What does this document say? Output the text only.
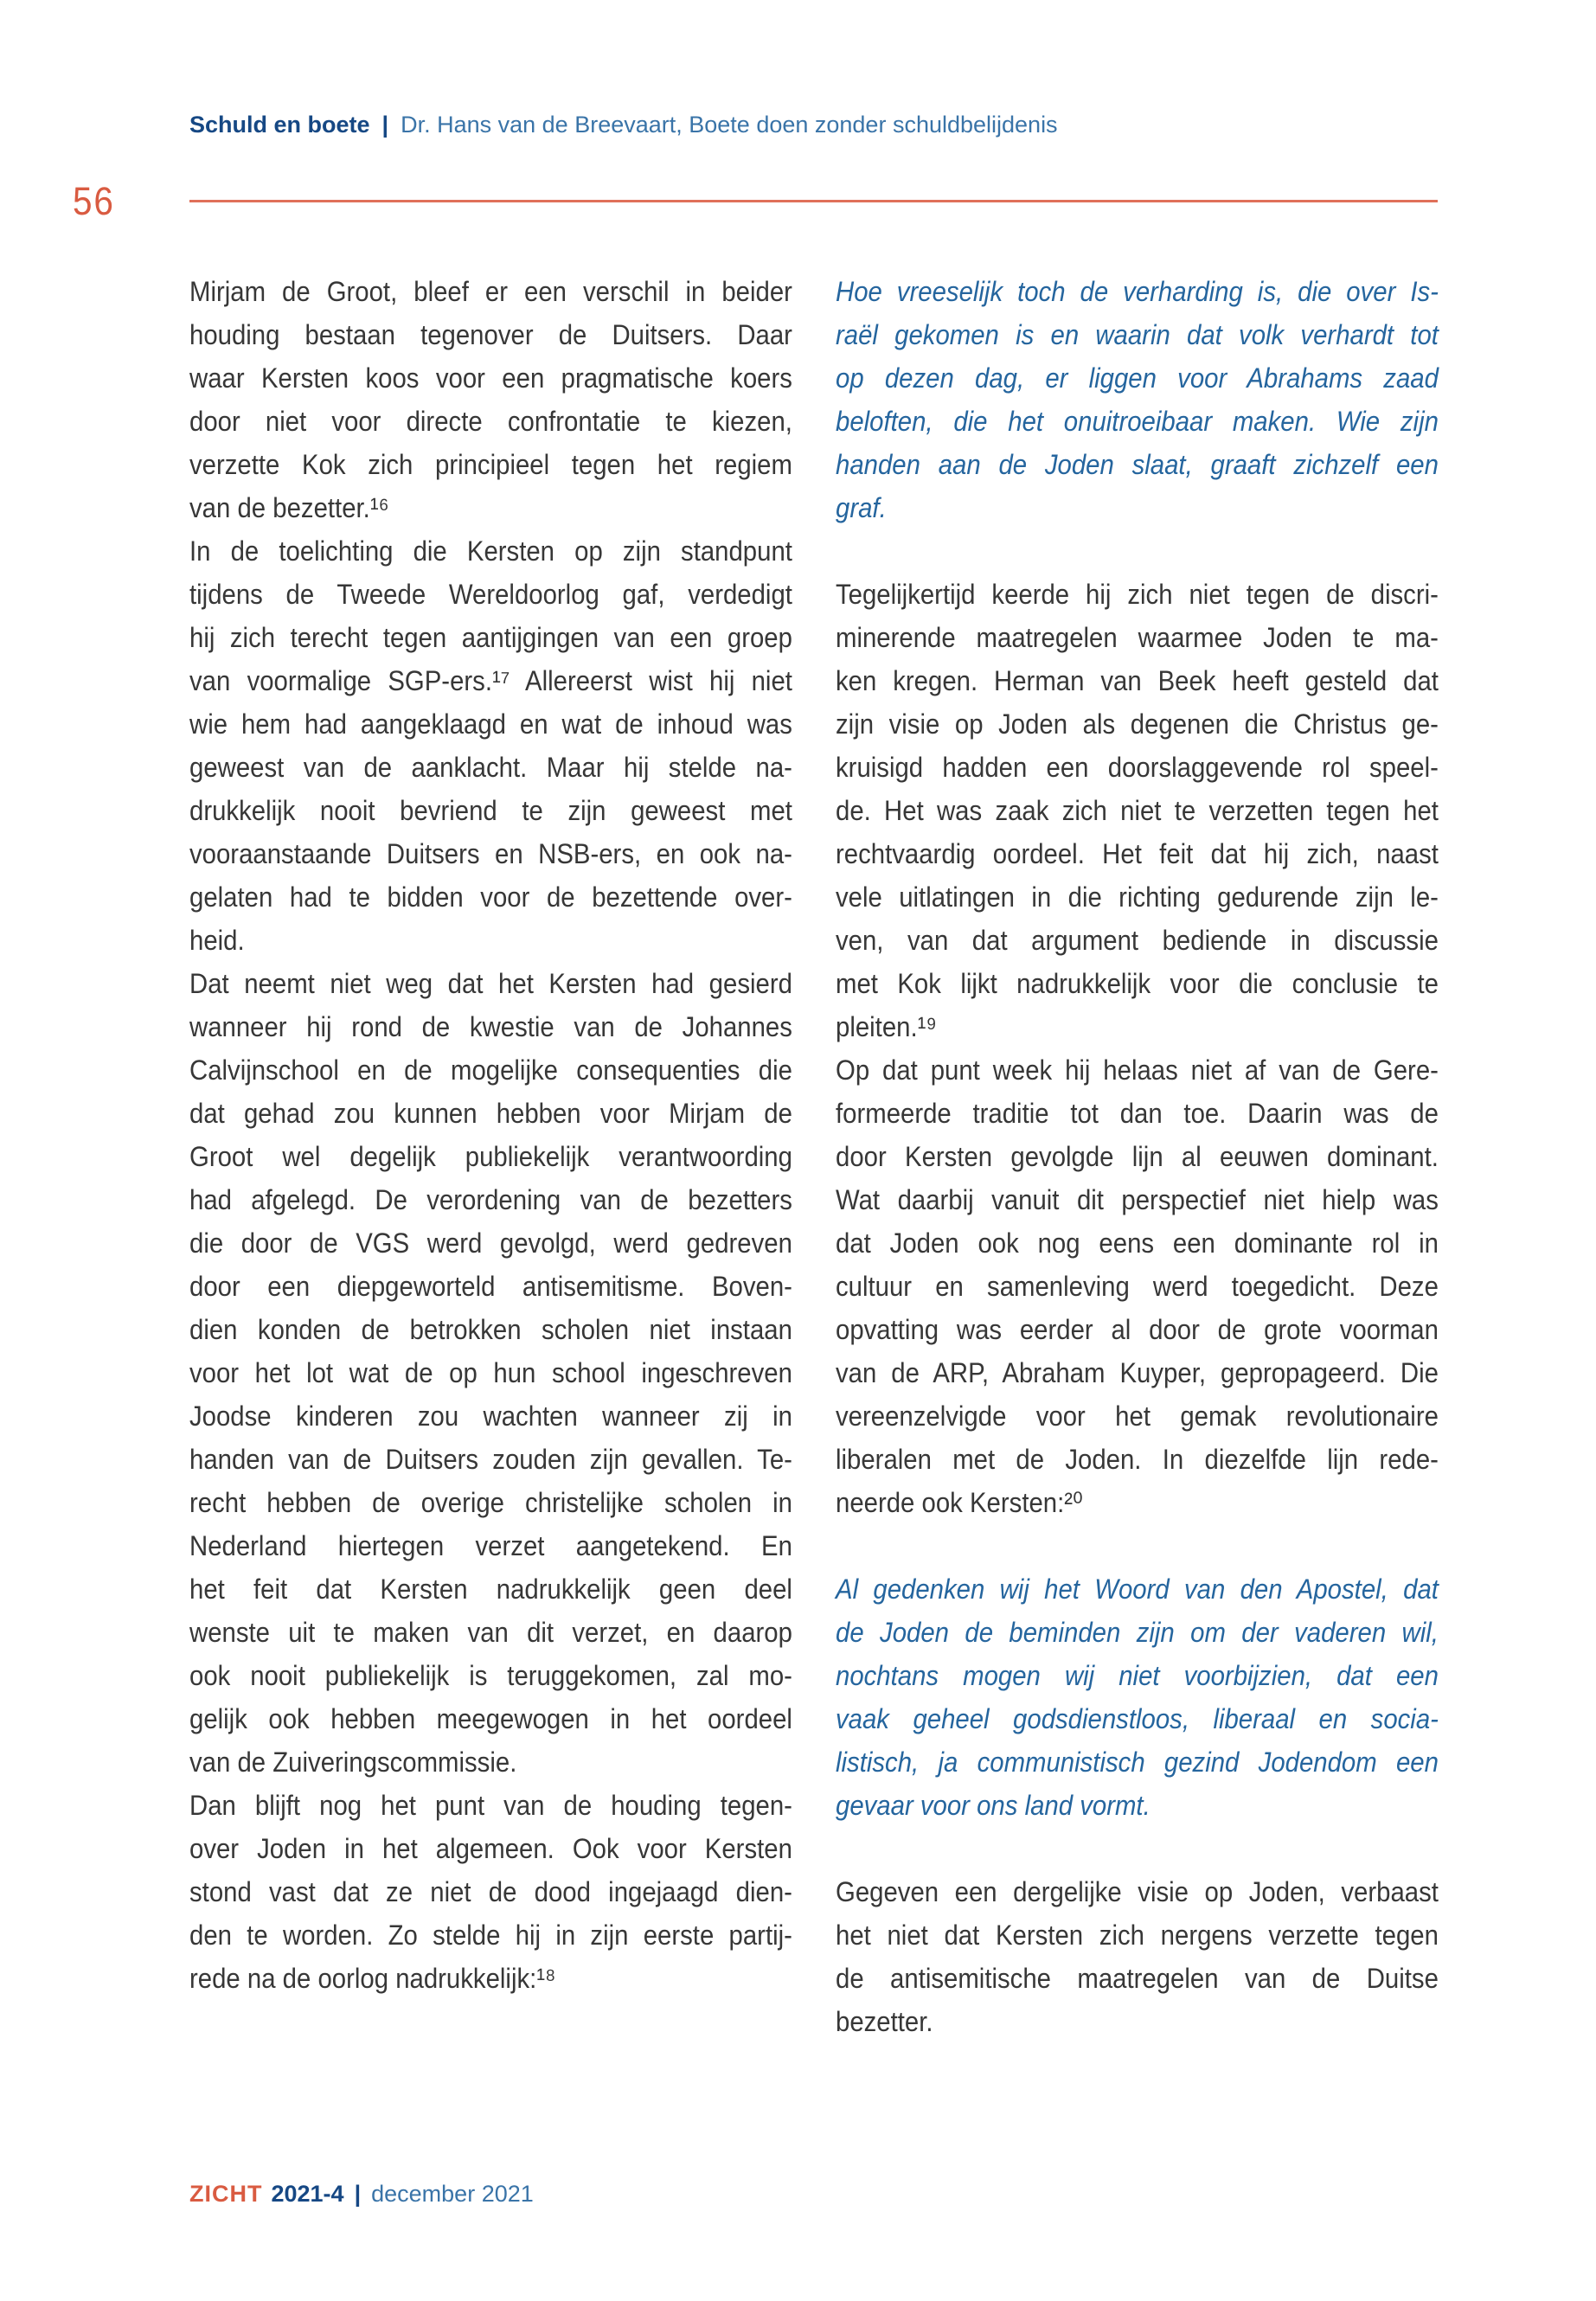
Schuld en boete | Dr. Hans van de Breevaart, Boete doen zonder schuldbelijdenis
56
Mirjam de Groot, bleef er een verschil in beider
houding bestaan tegenover de Duitsers. Daar
waar Kersten koos voor een pragmatische koers
door niet voor directe confrontatie te kiezen,
verzette Kok zich principieel tegen het regiem
van de bezetter.¹⁶
In de toelichting die Kersten op zijn standpunt
tijdens de Tweede Wereldoorlog gaf, verdedigt
hij zich terecht tegen aantijgingen van een groep
van voormalige SGP-ers.¹⁷ Allereerst wist hij niet
wie hem had aangeklaagd en wat de inhoud was
geweest van de aanklacht. Maar hij stelde na-
drukkelijk nooit bevriend te zijn geweest met
vooraanstaande Duitsers en NSB-ers, en ook na-
gelaten had te bidden voor de bezettende over-
heid.
Dat neemt niet weg dat het Kersten had gesierd
wanneer hij rond de kwestie van de Johannes
Calvijnschool en de mogelijke consequenties die
dat gehad zou kunnen hebben voor Mirjam de
Groot wel degelijk publiekelijk verantwoording
had afgelegd. De verordening van de bezetters
die door de VGS werd gevolgd, werd gedreven
door een diepgeworteld antisemitisme. Boven-
dien konden de betrokken scholen niet instaan
voor het lot wat de op hun school ingeschreven
Joodse kinderen zou wachten wanneer zij in
handen van de Duitsers zouden zijn gevallen. Te-
recht hebben de overige christelijke scholen in
Nederland hiertegen verzet aangetekend. En
het feit dat Kersten nadrukkelijk geen deel
wenste uit te maken van dit verzet, en daarop
ook nooit publiekelijk is teruggekomen, zal mo-
gelijk ook hebben meegewogen in het oordeel
van de Zuiveringscommissie.
Dan blijft nog het punt van de houding tegen-
over Joden in het algemeen. Ook voor Kersten
stond vast dat ze niet de dood ingejaagd dien-
den te worden. Zo stelde hij in zijn eerste partij-
rede na de oorlog nadrukkelijk:¹⁸
Hoe vreeselijk toch de verharding is, die over Is-
raël gekomen is en waarin dat volk verhardt tot
op dezen dag, er liggen voor Abrahams zaad
beloften, die het onuitroeibaar maken. Wie zijn
handen aan de Joden slaat, graaft zichzelf een
graf.
Tegelijkertijd keerde hij zich niet tegen de discri-
minerende maatregelen waarmee Joden te ma-
ken kregen. Herman van Beek heeft gesteld dat
zijn visie op Joden als degenen die Christus ge-
kruisigd hadden een doorslaggevende rol speel-
de. Het was zaak zich niet te verzetten tegen het
rechtvaardig oordeel. Het feit dat hij zich, naast
vele uitlatingen in die richting gedurende zijn le-
ven, van dat argument bediende in discussie
met Kok lijkt nadrukkelijk voor die conclusie te
pleiten.¹⁹
Op dat punt week hij helaas niet af van de Gere-
formeerde traditie tot dan toe. Daarin was de
door Kersten gevolgde lijn al eeuwen dominant.
Wat daarbij vanuit dit perspectief niet hielp was
dat Joden ook nog eens een dominante rol in
cultuur en samenleving werd toegedicht. Deze
opvatting was eerder al door de grote voorman
van de ARP, Abraham Kuyper, gepropageerd. Die
vereenzelvigde voor het gemak revolutionaire
liberalen met de Joden. In diezelfde lijn rede-
neerde ook Kersten:²⁰
Al gedenken wij het Woord van den Apostel, dat
de Joden de beminden zijn om der vaderen wil,
nochtans mogen wij niet voorbijzien, dat een
vaak geheel godsdienstloos, liberaal en socia-
listisch, ja communistisch gezind Jodendom een
gevaar voor ons land vormt.
Gegeven een dergelijke visie op Joden, verbaast
het niet dat Kersten zich nergens verzette tegen
de antisemitische maatregelen van de Duitse
bezetter.
ZICHT 2021-4 | december 2021
